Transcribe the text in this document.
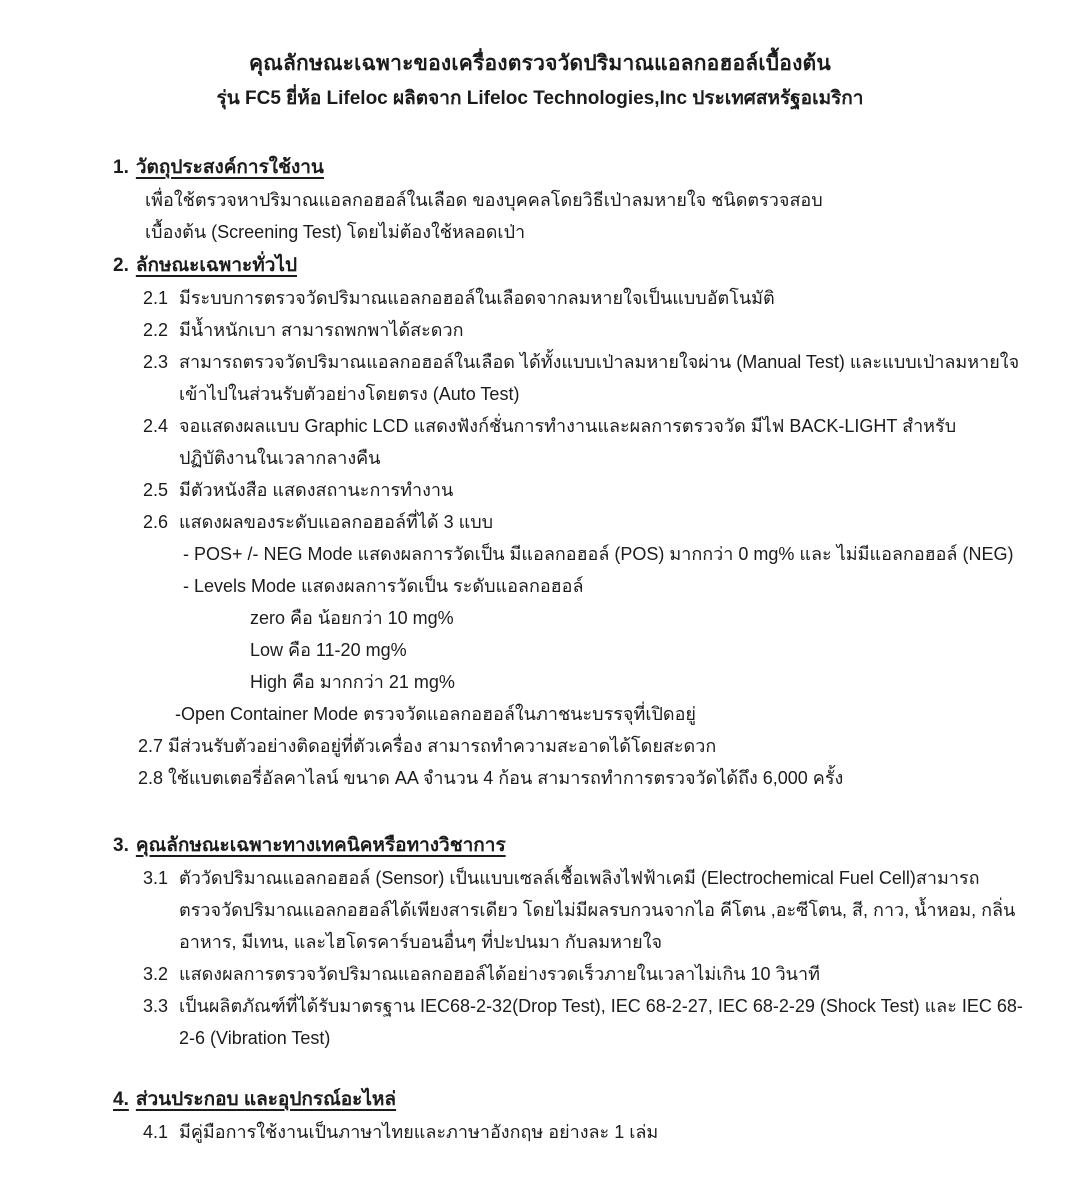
คุณลักษณะเฉพาะของเครื่องตรวจวัดปริมาณแอลกอฮอล์เบื้องต้น
รุ่น FC5 ยี่ห้อ Lifeloc ผลิตจาก Lifeloc Technologies,Inc ประเทศสหรัฐอเมริกา
1. วัตถุประสงค์การใช้งาน
เพื่อใช้ตรวจหาปริมาณแอลกอฮอล์ในเลือด ของบุคคลโดยวิธีเป่าลมหายใจ ชนิดตรวจสอบ
เบื้องต้น (Screening Test) โดยไม่ต้องใช้หลอดเป่า
2. ลักษณะเฉพาะทั่วไป
2.1 มีระบบการตรวจวัดปริมาณแอลกอฮอล์ในเลือดจากลมหายใจเป็นแบบอัตโนมัติ
2.2 มีน้ำหนักเบา สามารถพกพาได้สะดวก
2.3 สามารถตรวจวัดปริมาณแอลกอฮอล์ในเลือด ได้ทั้งแบบเป่าลมหายใจผ่าน (Manual Test) และแบบเป่าลมหายใจ
เข้าไปในส่วนรับตัวอย่างโดยตรง (Auto Test)
2.4 จอแสดงผลแบบ Graphic LCD แสดงฟังก์ชั่นการทำงานและผลการตรวจวัด มีไฟ BACK-LIGHT สำหรับ
ปฏิบัติงานในเวลากลางคืน
2.5 มีตัวหนังสือ แสดงสถานะการทำงาน
2.6 แสดงผลของระดับแอลกอฮอล์ที่ได้ 3 แบบ
- POS+ /- NEG Mode แสดงผลการวัดเป็น มีแอลกอฮอล์ (POS) มากกว่า 0 mg% และ ไม่มีแอลกอฮอล์ (NEG)
- Levels Mode แสดงผลการวัดเป็น ระดับแอลกอฮอล์
zero คือ น้อยกว่า 10 mg%
Low คือ 11-20 mg%
High คือ มากกว่า 21 mg%
-Open Container Mode ตรวจวัดแอลกอฮอล์ในภาชนะบรรจุที่เปิดอยู่
2.7 มีส่วนรับตัวอย่างติดอยู่ที่ตัวเครื่อง สามารถทำความสะอาดได้โดยสะดวก
2.8 ใช้แบตเตอรี่อัลคาไลน์ ขนาด AA จำนวน 4 ก้อน สามารถทำการตรวจวัดได้ถึง 6,000 ครั้ง
3. คุณลักษณะเฉพาะทางเทคนิคหรือทางวิชาการ
3.1 ตัววัดปริมาณแอลกอฮอล์ (Sensor) เป็นแบบเซลล์เชื้อเพลิงไฟฟ้าเคมี (Electrochemical Fuel Cell)สามารถ
ตรวจวัดปริมาณแอลกอฮอล์ได้เพียงสารเดียว โดยไม่มีผลรบกวนจากไอ คีโตน ,อะซีโตน, สี, กาว, น้ำหอม, กลิ่น
อาหาร, มีเทน, และไฮโดรคาร์บอนอื่นๆ ที่ปะปนมา กับลมหายใจ
3.2 แสดงผลการตรวจวัดปริมาณแอลกอฮอล์ได้อย่างรวดเร็วภายในเวลาไม่เกิน 10 วินาที
3.3 เป็นผลิตภัณฑ์ที่ได้รับมาตรฐาน IEC68-2-32(Drop Test), IEC 68-2-27, IEC 68-2-29 (Shock Test) และ IEC 68-
2-6 (Vibration Test)
4. ส่วนประกอบ และอุปกรณ์อะไหล่
4.1 มีคู่มือการใช้งานเป็นภาษาไทยและภาษาอังกฤษ อย่างละ 1 เล่ม
